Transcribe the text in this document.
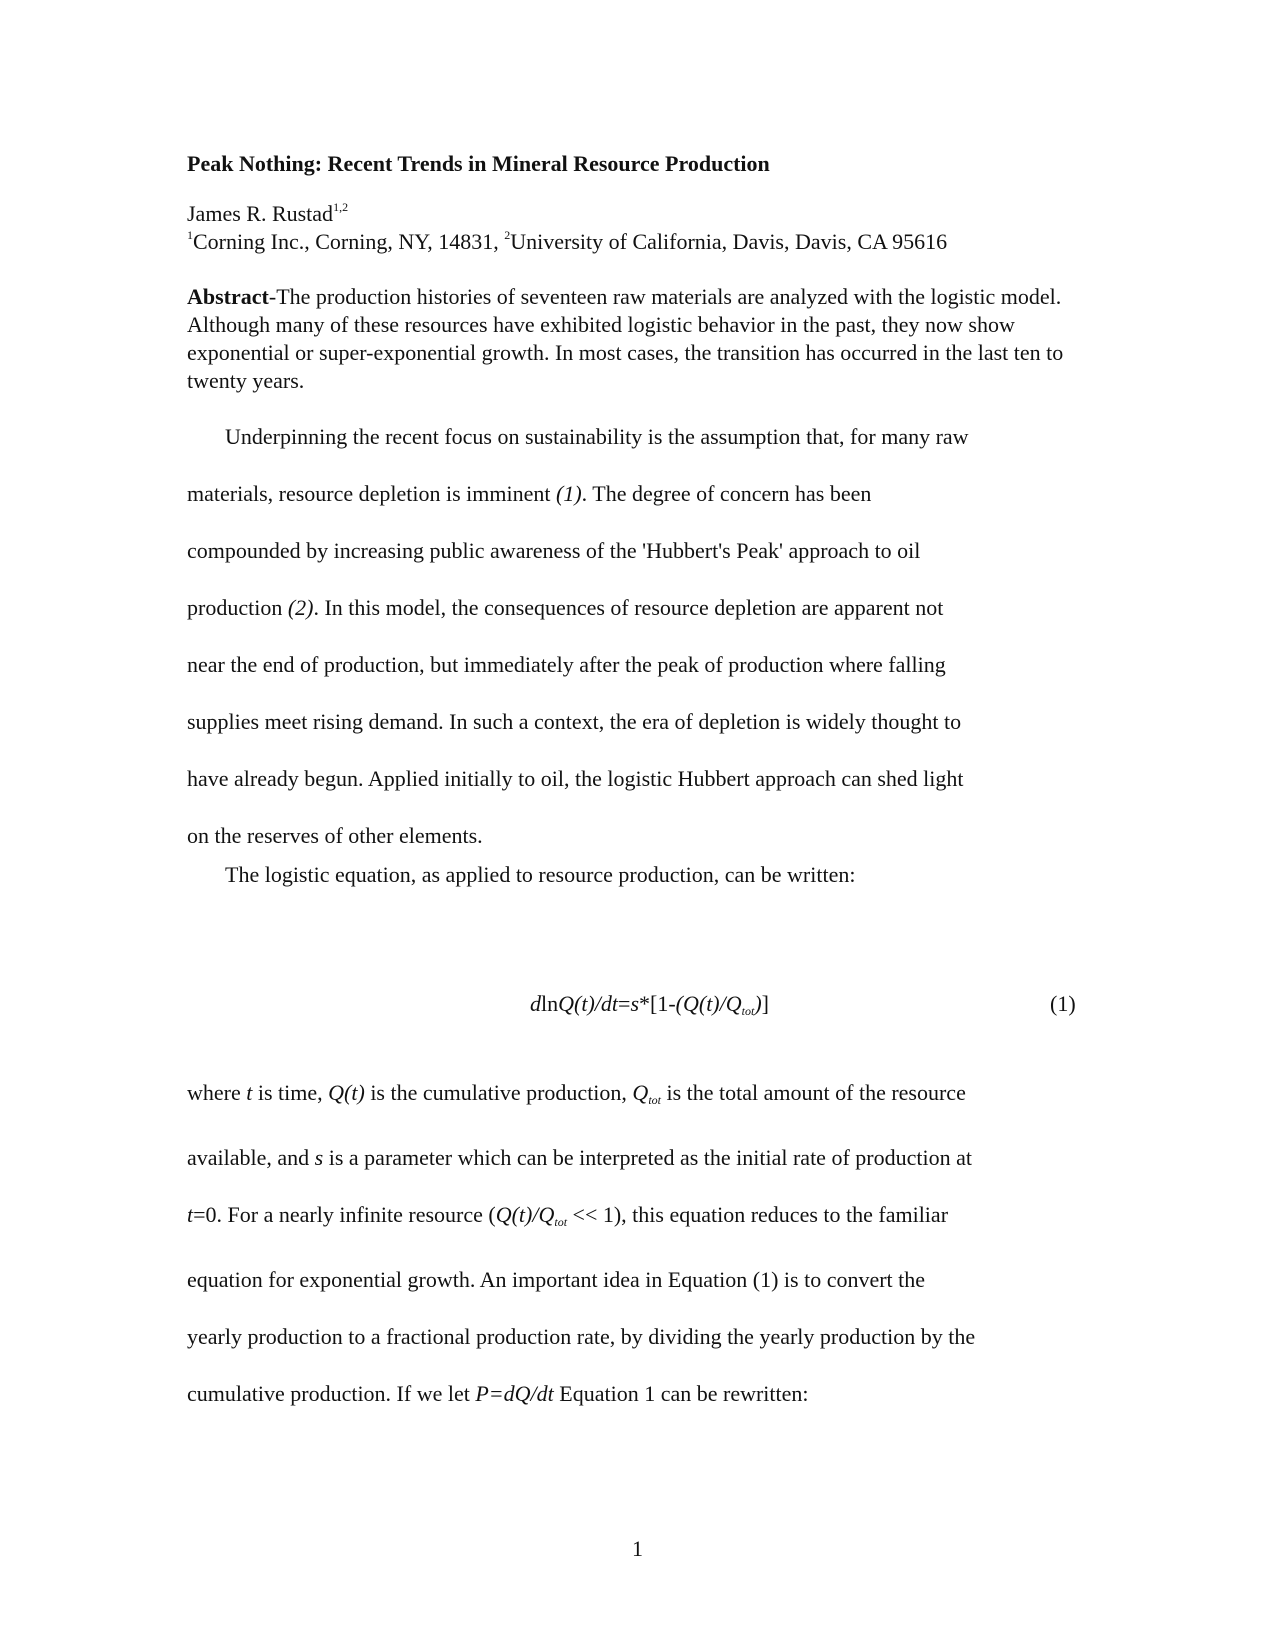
Peak Nothing: Recent Trends in Mineral Resource Production
James R. Rustad$^{1,2}$
$^1$Corning Inc., Corning, NY, 14831, $^2$University of California, Davis, Davis, CA 95616
Abstract-The production histories of seventeen raw materials are analyzed with the logistic model. Although many of these resources have exhibited logistic behavior in the past, they now show exponential or super-exponential growth. In most cases, the transition has occurred in the last ten to twenty years.
Underpinning the recent focus on sustainability is the assumption that, for many raw
materials, resource depletion is imminent (1). The degree of concern has been
compounded by increasing public awareness of the 'Hubbert's Peak' approach to oil
production (2). In this model, the consequences of resource depletion are apparent not
near the end of production, but immediately after the peak of production where falling
supplies meet rising demand. In such a context, the era of depletion is widely thought to
have already begun. Applied initially to oil, the logistic Hubbert approach can shed light
on the reserves of other elements.
The logistic equation, as applied to resource production, can be written:
$dlnQ(t)/dt=s*[1-(Q(t)/Q_{tot})]$	(1)
where t is time, Q(t) is the cumulative production, $Q_{tot}$ is the total amount of the resource
available, and s is a parameter which can be interpreted as the initial rate of production at
t=0. For a nearly infinite resource $(Q(t)/Q_{tot} << 1)$, this equation reduces to the familiar
equation for exponential growth. An important idea in Equation (1) is to convert the
yearly production to a fractional production rate, by dividing the yearly production by the
cumulative production. If we let P=dQ/dt Equation 1 can be rewritten:
1
